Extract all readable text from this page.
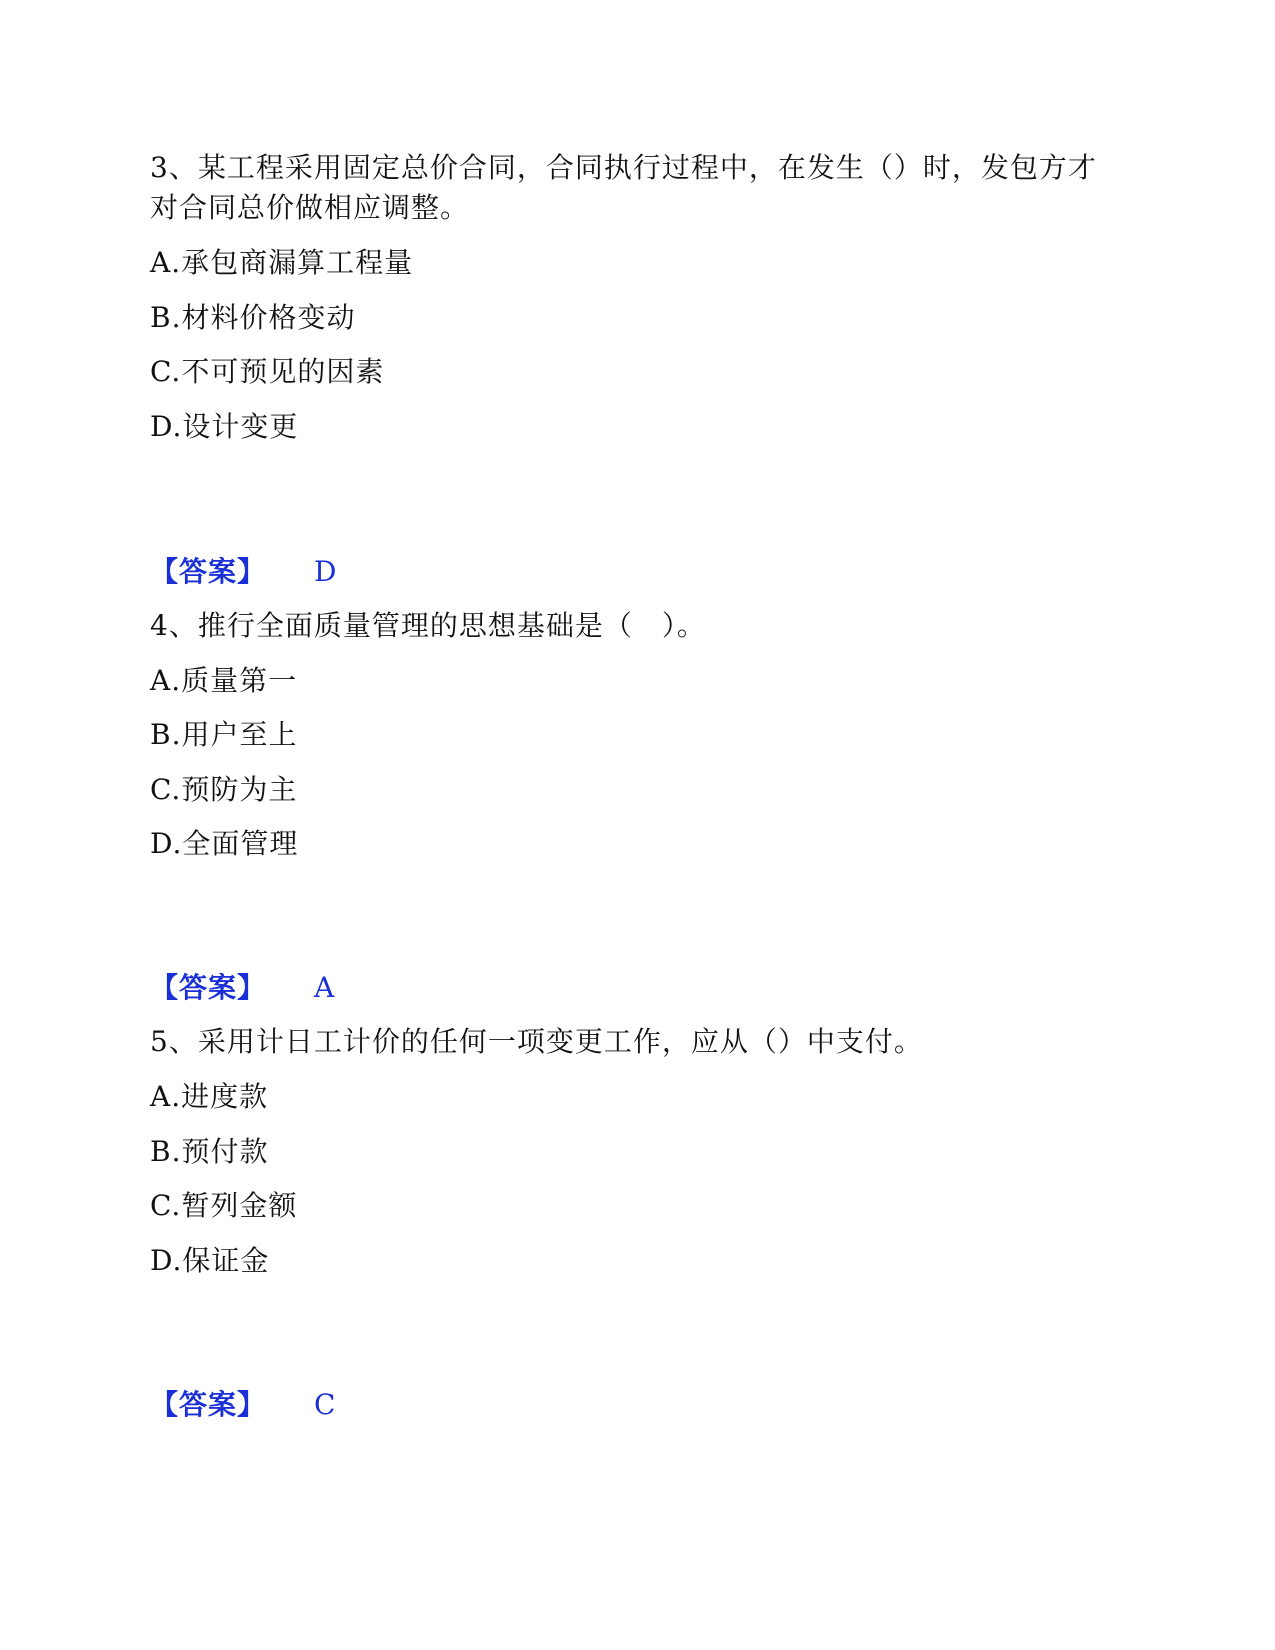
3、某工程采用固定总价合同，合同执行过程中，在发生（）时，发包方才
对合同总价做相应调整。
A.承包商漏算工程量
B.材料价格变动
C.不可预见的因素
D.设计变更
【答案】 D
4、推行全面质量管理的思想基础是（　）。
A.质量第一
B.用户至上
C.预防为主
D.全面管理
【答案】 A
5、采用计日工计价的任何一项变更工作，应从（）中支付。
A.进度款
B.预付款
C.暂列金额
D.保证金
【答案】 C
